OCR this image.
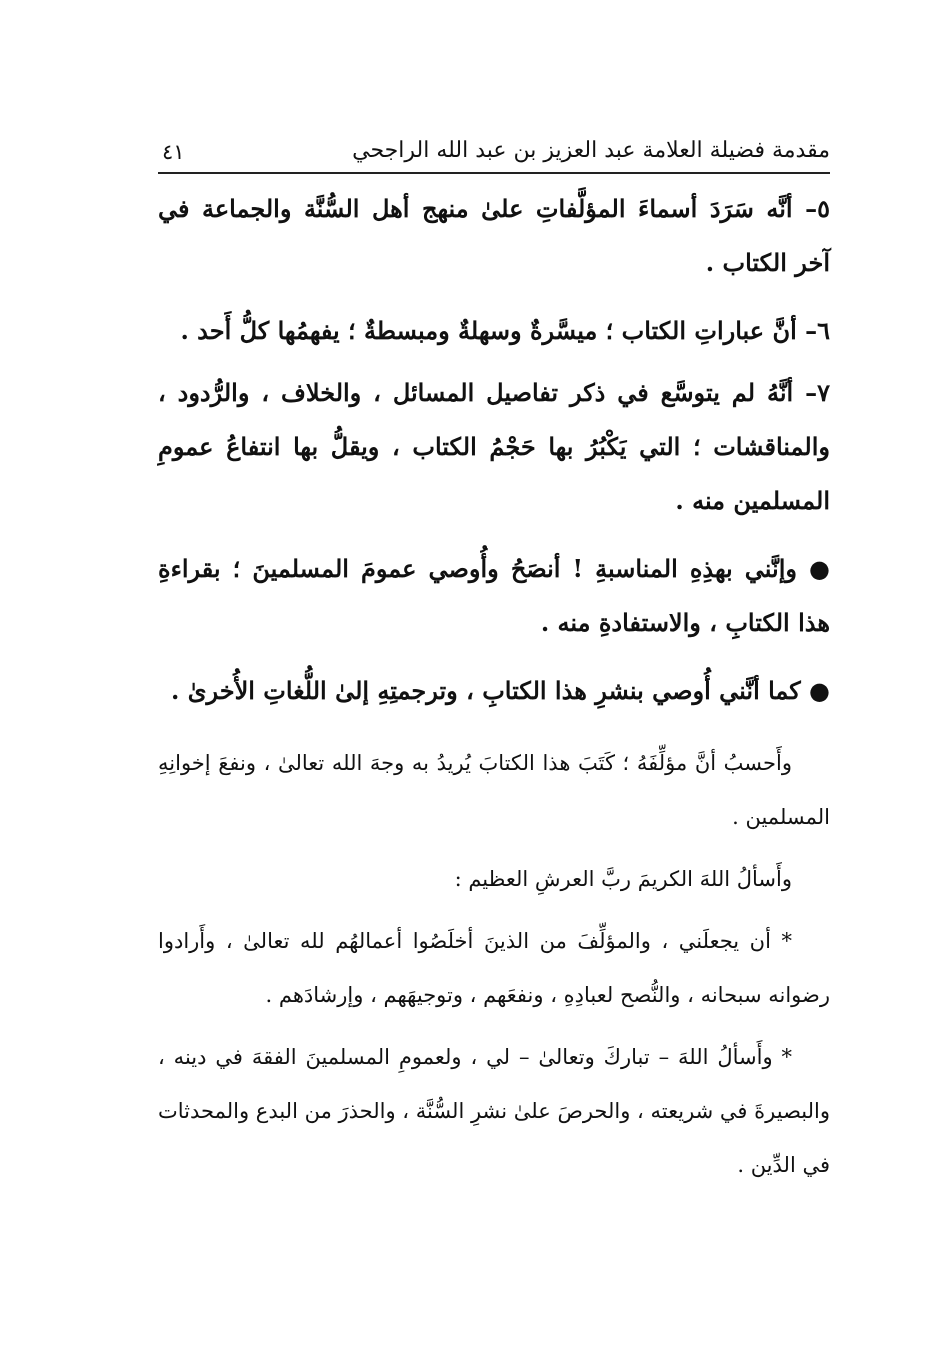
مقدمة فضيلة العلامة عبد العزيز بن عبد الله الراجحي
٤١

٥– أنَّه سَرَدَ أسماءَ المؤلَّفاتِ علىٰ منهج أهل السُّنَّة والجماعة في آخر الكتاب .

٦– أنَّ عباراتِ الكتاب ؛ ميسَّرةٌ وسهلةٌ ومبسطةٌ ؛ يفهمُها كلُّ أَحد .

٧– أنَّهُ لم يتوسَّع في ذكر تفاصيل المسائل ، والخلاف ، والرُّدود ، والمناقشات ؛ التي يَكْبُرُ بها حَجْمُ الكتاب ، ويقلُّ بها انتفاعُ عمومِ المسلمين منه .

● وإنَّني بهذِهِ المناسبةِ ! أنصَحُ وأُوصي عمومَ المسلمينَ ؛ بقراءةِ هذا الكتابِ ، والاستفادةِ منه .

● كما أنَّني أُوصي بنشرِ هذا الكتابِ ، وترجمتِهِ إلىٰ اللُّغاتِ الأُخرىٰ .

وأَحسبُ أنَّ مؤلِّفَهُ ؛ كَتَبَ هذا الكتابَ يُريدُ به وجهَ الله تعالىٰ ، ونفعَ إخوانِهِ المسلمين .

وأَسألُ اللهَ الكريمَ ربَّ العرشِ العظيم :

* أن يجعلَني ، والمؤلِّفَ من الذينَ أخلَصُوا أعمالهُم لله تعالىٰ ، وأَرادوا رضوانه سبحانه ، والنُّصح لعبادِهِ ، ونفعَهم ، وتوجيهَهم ، وإرشادَهم .

* وأَسألُ اللهَ – تباركَ وتعالىٰ – لي ، ولعمومِ المسلمينَ الفقهَ في دينه ، والبصيرةَ في شريعته ، والحرصَ علىٰ نشرِ السُّنَّة ، والحذرَ من البدع والمحدثات في الدِّين .
